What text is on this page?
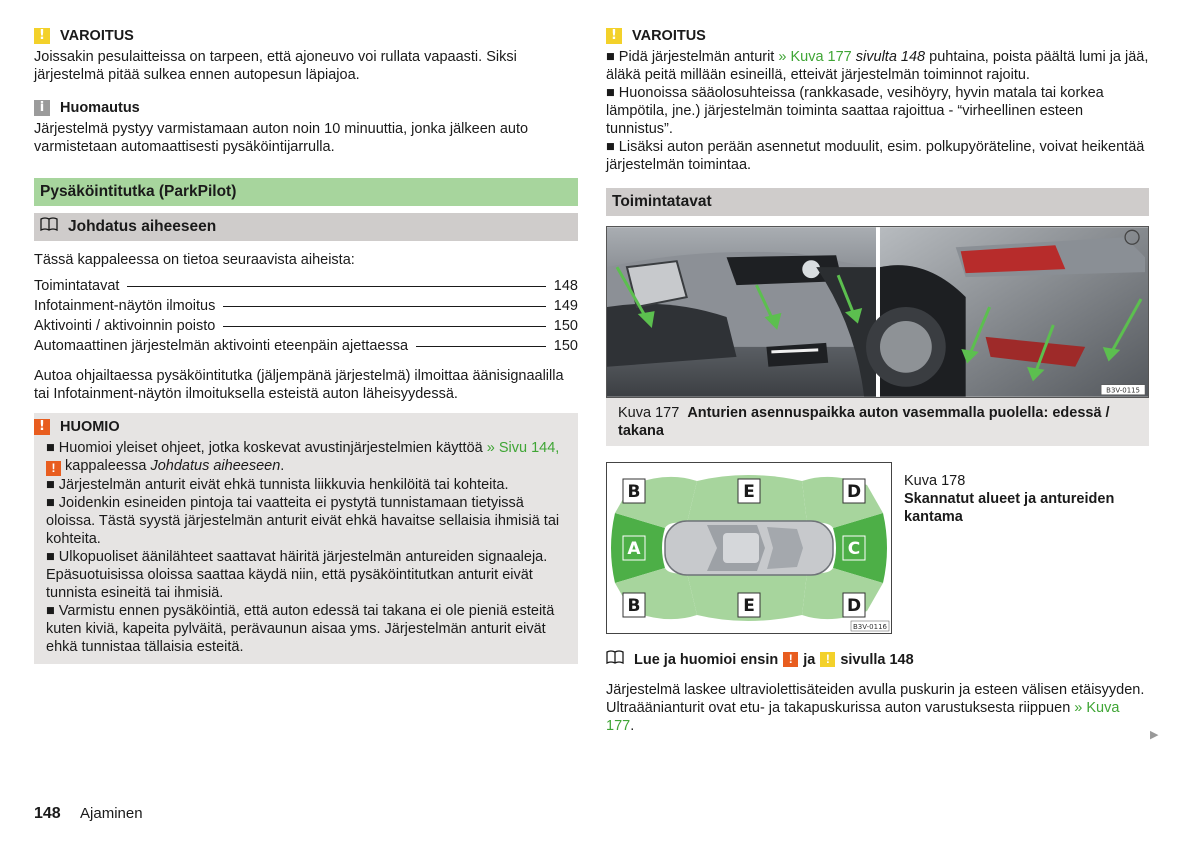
!	VAROITUS

Joissakin pesulaitteissa on tarpeen, että ajoneuvo voi rullata vapaasti. Siksi järjestelmä pitää sulkea ennen autopesun läpiajoa.

i	Huomautus

Järjestelmä pystyy varmistamaan auton noin 10 minuuttia, jonka jälkeen auto varmistetaan automaattisesti pysäköintijarrulla.

Pysäköintitutka (ParkPilot)
Johdatus aiheeseen

Tässä kappaleessa on tietoa seuraavista aiheista:

Toimintatavat	148
Infotainment-näytön ilmoitus	149
Aktivointi / aktivoinnin poisto	150
Automaattinen järjestelmän aktivointi eteenpäin ajettaessa	150

Autoa ohjailtaessa pysäköintitutka (jäljempänä järjestelmä) ilmoittaa äänisignaalilla tai Infotainment-näytön ilmoituksella esteistä auton läheisyydessä.

!	HUOMIO

■ Huomioi yleiset ohjeet, jotka koskevat avustinjärjestelmien käyttöä » Sivu 144, ! kappaleessa Johdatus aiheeseen.

■ Järjestelmän anturit eivät ehkä tunnista liikkuvia henkilöitä tai kohteita.

■ Joidenkin esineiden pintoja tai vaatteita ei pystytä tunnistamaan tietyissä oloissa. Tästä syystä järjestelmän anturit eivät ehkä havaitse sellaisia ihmisiä tai kohteita.

■ Ulkopuoliset äänilähteet saattavat häiritä järjestelmän antureiden signaaleja. Epäsuotuisissa oloissa saattaa käydä niin, että pysäköintitutkan anturit eivät tunnista esineitä tai ihmisiä.

■ Varmistu ennen pysäköintiä, että auton edessä tai takana ei ole pieniä esteitä kuten kiviä, kapeita pylväitä, perävaunun aisaa yms. Järjestelmän anturit eivät ehkä tunnistaa tällaisia esteitä.

!	VAROITUS

■ Pidä järjestelmän anturit » Kuva 177 sivulta 148 puhtaina, poista päältä lumi ja jää, äläkä peitä millään esineillä, etteivät järjestelmän toiminnot rajoitu.

■ Huonoissa sääolosuhteissa (rankkasade, vesihöyry, hyvin matala tai korkea lämpötila, jne.) järjestelmän toiminta saattaa rajoittua - “virheellinen esteen tunnistus”.

■ Lisäksi auton perään asennetut moduulit, esim. polkupyöräteline, voivat heikentää järjestelmän toimintaa.

Toimintatavat
B3V-0115
Kuva 177 Anturien asennuspaikka auton vasemmalla puolella: edessä / takana
B	E	D
A	C
B	E	D
B3V-0116
Kuva 178
Skannatut alueet ja antureiden kantama
Lue ja huomioi ensin ! ja ! sivulla 148

Järjestelmä laskee ultraviolettisäteiden avulla puskurin ja esteen välisen etäisyyden. Ultraäänianturit ovat etu- ja takapuskurissa auton varustuksesta riippuen » Kuva 177.

▶
148 Ajaminen
